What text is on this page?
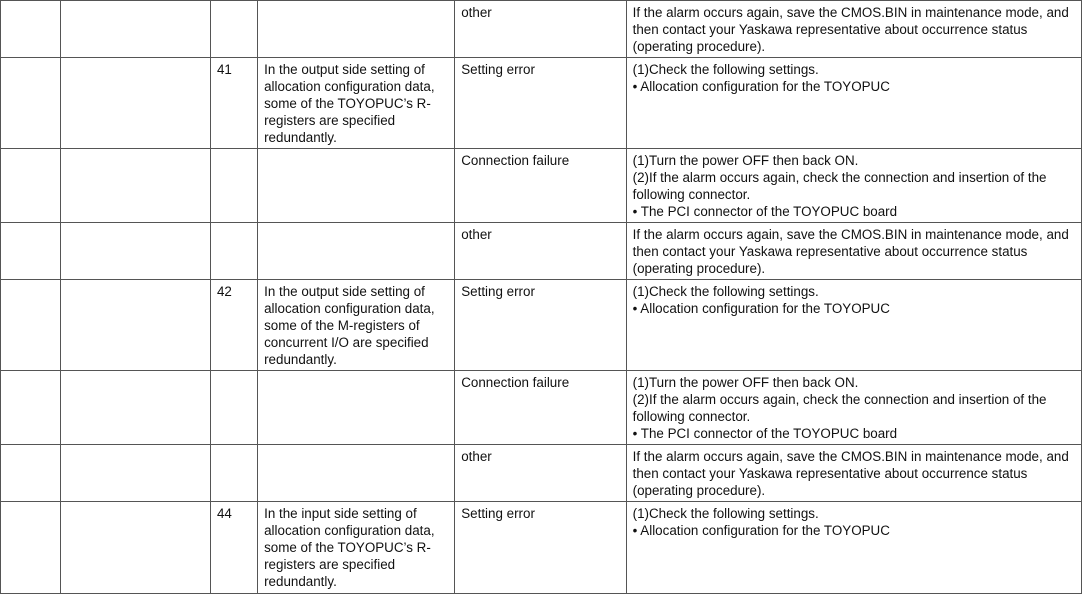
				other	If the alarm occurs again, save the CMOS.BIN in maintenance mode, and then contact your Yaskawa representative about occurrence status (operating procedure).

		41	In the output side setting of allocation configuration data, some of the TOYOPUC’s R-registers are specified redundantly.	Setting error	(1)Check the following settings.
• Allocation configuration for the TOYOPUC

				Connection failure	(1)Turn the power OFF then back ON.
(2)If the alarm occurs again, check the connection and insertion of the following connector.
• The PCI connector of the TOYOPUC board

				other	If the alarm occurs again, save the CMOS.BIN in maintenance mode, and then contact your Yaskawa representative about occurrence status (operating procedure).

		42	In the output side setting of allocation configuration data, some of the M-registers of concurrent I/O are specified redundantly.	Setting error	(1)Check the following settings.
• Allocation configuration for the TOYOPUC

				Connection failure	(1)Turn the power OFF then back ON.
(2)If the alarm occurs again, check the connection and insertion of the following connector.
• The PCI connector of the TOYOPUC board

				other	If the alarm occurs again, save the CMOS.BIN in maintenance mode, and then contact your Yaskawa representative about occurrence status (operating procedure).

		44	In the input side setting of allocation configuration data, some of the TOYOPUC’s R-registers are specified redundantly.	Setting error	(1)Check the following settings.
• Allocation configuration for the TOYOPUC
